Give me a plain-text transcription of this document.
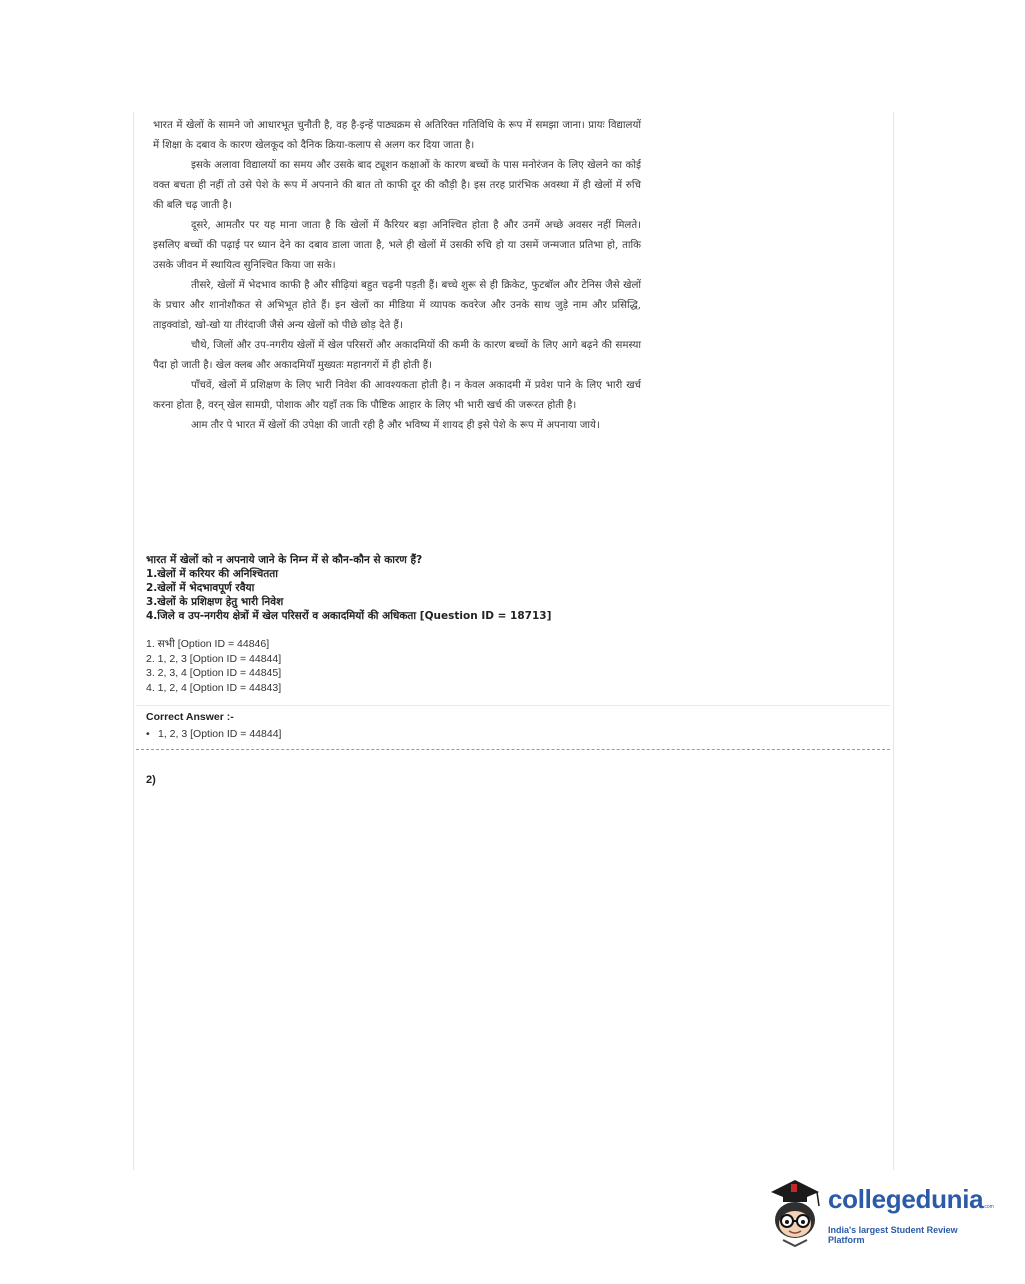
भारत में खेलों के सामने जो आधारभूत चुनौती है, वह है-इन्हें पाठ्यक्रम से अतिरिक्त गतिविधि के रूप में समझा जाना। प्रायः विद्यालयों में शिक्षा के दबाव के कारण खेलकूद को दैनिक क्रिया-कलाप से अलग कर दिया जाता है।

इसके अलावा विद्यालयों का समय और उसके बाद ट्यूशन कक्षाओं के कारण बच्चों के पास मनोरंजन के लिए खेलने का कोई वक्त बचता ही नहीं तो उसे पेशे के रूप में अपनाने की बात तो काफी दूर की कौड़ी है। इस तरह प्रारंभिक अवस्था में ही खेलों में रुचि की बलि चढ़ जाती है।

दूसरे, आमतौर पर यह माना जाता है कि खेलों में कैरियर बड़ा अनिश्चित होता है और उनमें अच्छे अवसर नहीं मिलते। इसलिए बच्चों की पढ़ाई पर ध्यान देने का दबाव डाला जाता है, भले ही खेलों में उसकी रुचि हो या उसमें जन्मजात प्रतिभा हो, ताकि उसके जीवन में स्थायित्व सुनिश्चित किया जा सके।

तीसरे, खेलों में भेदभाव काफी है और सीढ़ियां बहुत चढ़नी पड़ती हैं। बच्चे शुरू से ही क्रिकेट, फुटबॉल और टेनिस जैसे खेलों के प्रचार और शानोशौकत से अभिभूत होते हैं। इन खेलों का मीडिया में व्यापक कवरेज और उनके साथ जुड़े नाम और प्रसिद्धि, ताइक्वांडो, खो-खो या तीरंदाजी जैसे अन्य खेलों को पीछे छोड़ देते हैं।

चौथे, जिलों और उप-नगरीय खेलों में खेल परिसरों और अकादमियों की कमी के कारण बच्चों के लिए आगे बढ़ने की समस्या पैदा हो जाती है। खेल क्लब और अकादमियाँ मुख्यतः महानगरों में ही होती हैं।

पाँचवें, खेलों में प्रशिक्षण के लिए भारी निवेश की आवश्यकता होती है। न केवल अकादमी में प्रवेश पाने के लिए भारी खर्च करना होता है, वरन् खेल सामग्री, पोशाक और यहाँ तक कि पौष्टिक आहार के लिए भी भारी खर्च की जरूरत होती है।

आम तौर पे भारत में खेलों की उपेक्षा की जाती रही है और भविष्य में शायद ही इसे पेशे के रूप में अपनाया जाये।

भारत में खेलों को न अपनाये जाने के निम्न में से कौन-कौन से कारण हैं?
1.खेलों में करियर की अनिश्चितता
2.खेलों में भेदभावपूर्ण रवैया
3.खेलों के प्रशिक्षण हेतु भारी निवेश
4.जिले व उप-नगरीय क्षेत्रों में खेल परिसरों व अकादमियों की अधिकता [Question ID = 18713]
1. सभी [Option ID = 44846]
2. 1, 2, 3 [Option ID = 44844]
3. 2, 3, 4 [Option ID = 44845]
4. 1, 2, 4 [Option ID = 44843]
Correct Answer :-
• 1, 2, 3 [Option ID = 44844]
2)
collegedunia .com
India's largest Student Review Platform
